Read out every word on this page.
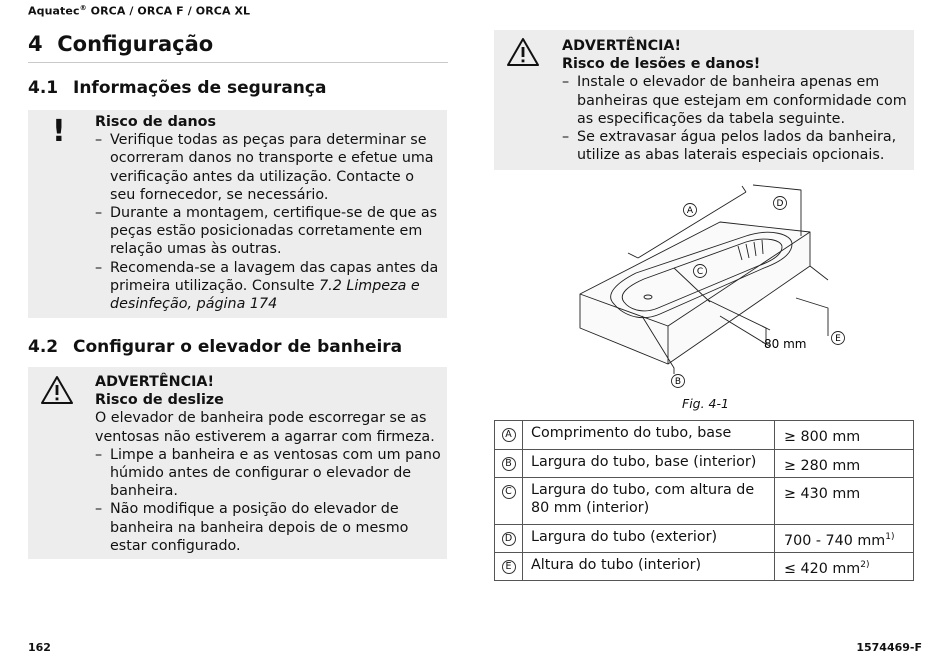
Aquatec® ORCA / ORCA F / ORCA XL
4 Configuração
4.1 Informações de segurança
! Risco de danos
– Verifique todas as peças para determinar se ocorreram danos no transporte e efetue uma verificação antes da utilização. Contacte o seu fornecedor, se necessário.
– Durante a montagem, certifique-se de que as peças estão posicionadas corretamente em relação umas às outras.
– Recomenda-se a lavagem das capas antes da primeira utilização. Consulte 7.2 Limpeza e desinfeção, página 174
4.2 Configurar o elevador de banheira
ADVERTÊNCIA!
Risco de deslize
O elevador de banheira pode escorregar se as ventosas não estiverem a agarrar com firmeza.
– Limpe a banheira e as ventosas com um pano húmido antes de configurar o elevador de banheira.
– Não modifique a posição do elevador de banheira na banheira depois de o mesmo estar configurado.
ADVERTÊNCIA!
Risco de lesões e danos!
– Instale o elevador de banheira apenas em banheiras que estejam em conformidade com as especificações da tabela seguinte.
– Se extravasar água pelos lados da banheira, utilize as abas laterais especiais opcionais.
A
D
C
E
B
80 mm
Fig. 4-1
A	Comprimento do tubo, base	≥ 800 mm
B	Largura do tubo, base (interior)	≥ 280 mm
C	Largura do tubo, com altura de 80 mm (interior)	≥ 430 mm
D	Largura do tubo (exterior)	700 - 740 $mm^{1)}$
E	Altura do tubo (interior)	≤ 420 $mm^{2)}$
162	1574469-F
